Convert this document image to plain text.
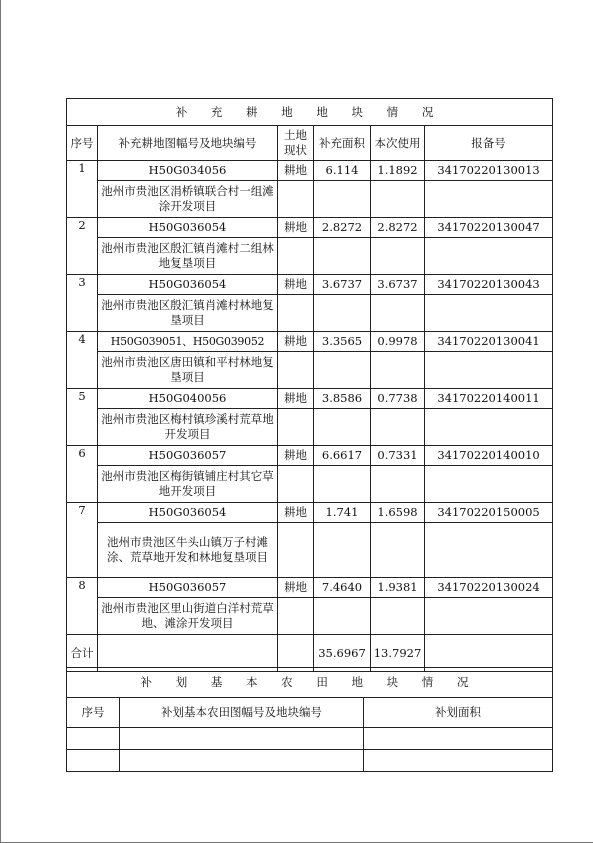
补 充 耕 地 地 块 情 况					
序号	补充耕地图幅号及地块编号	土地现状	补充面积	本次使用	报备号
1	H50G034056	耕地	6.114	1.1892	34170220130013
	池州市贵池区涓桥镇联合村一组滩涂开发项目				
2	H50G036054	耕地	2.8272	2.8272	34170220130047
	池州市贵池区殷汇镇肖滩村二组林地复垦项目				
3	H50G036054	耕地	3.6737	3.6737	34170220130043
	池州市贵池区殷汇镇肖滩村林地复垦项目				
4	H50G039051、H50G039052	耕地	3.3565	0.9978	34170220130041
	池州市贵池区唐田镇和平村林地复垦项目				
5	H50G040056	耕地	3.8586	0.7738	34170220140011
	池州市贵池区梅村镇珍溪村荒草地开发项目				
6	H50G036057	耕地	6.6617	0.7331	34170220140010
	池州市贵池区梅街镇铺庄村其它草地开发项目				
7	H50G036054	耕地	1.741	1.6598	34170220150005
	池州市贵池区牛头山镇万子村滩涂、荒草地开发和林地复垦项目				
8	H50G036057	耕地	7.4640	1.9381	34170220130024
	池州市贵池区里山街道白洋村荒草地、滩涂开发项目				
合计			35.6967	13.7927	
补 划 基 本 农 田 地 块 情 况		
序号	补划基本农田图幅号及地块编号	补划面积
